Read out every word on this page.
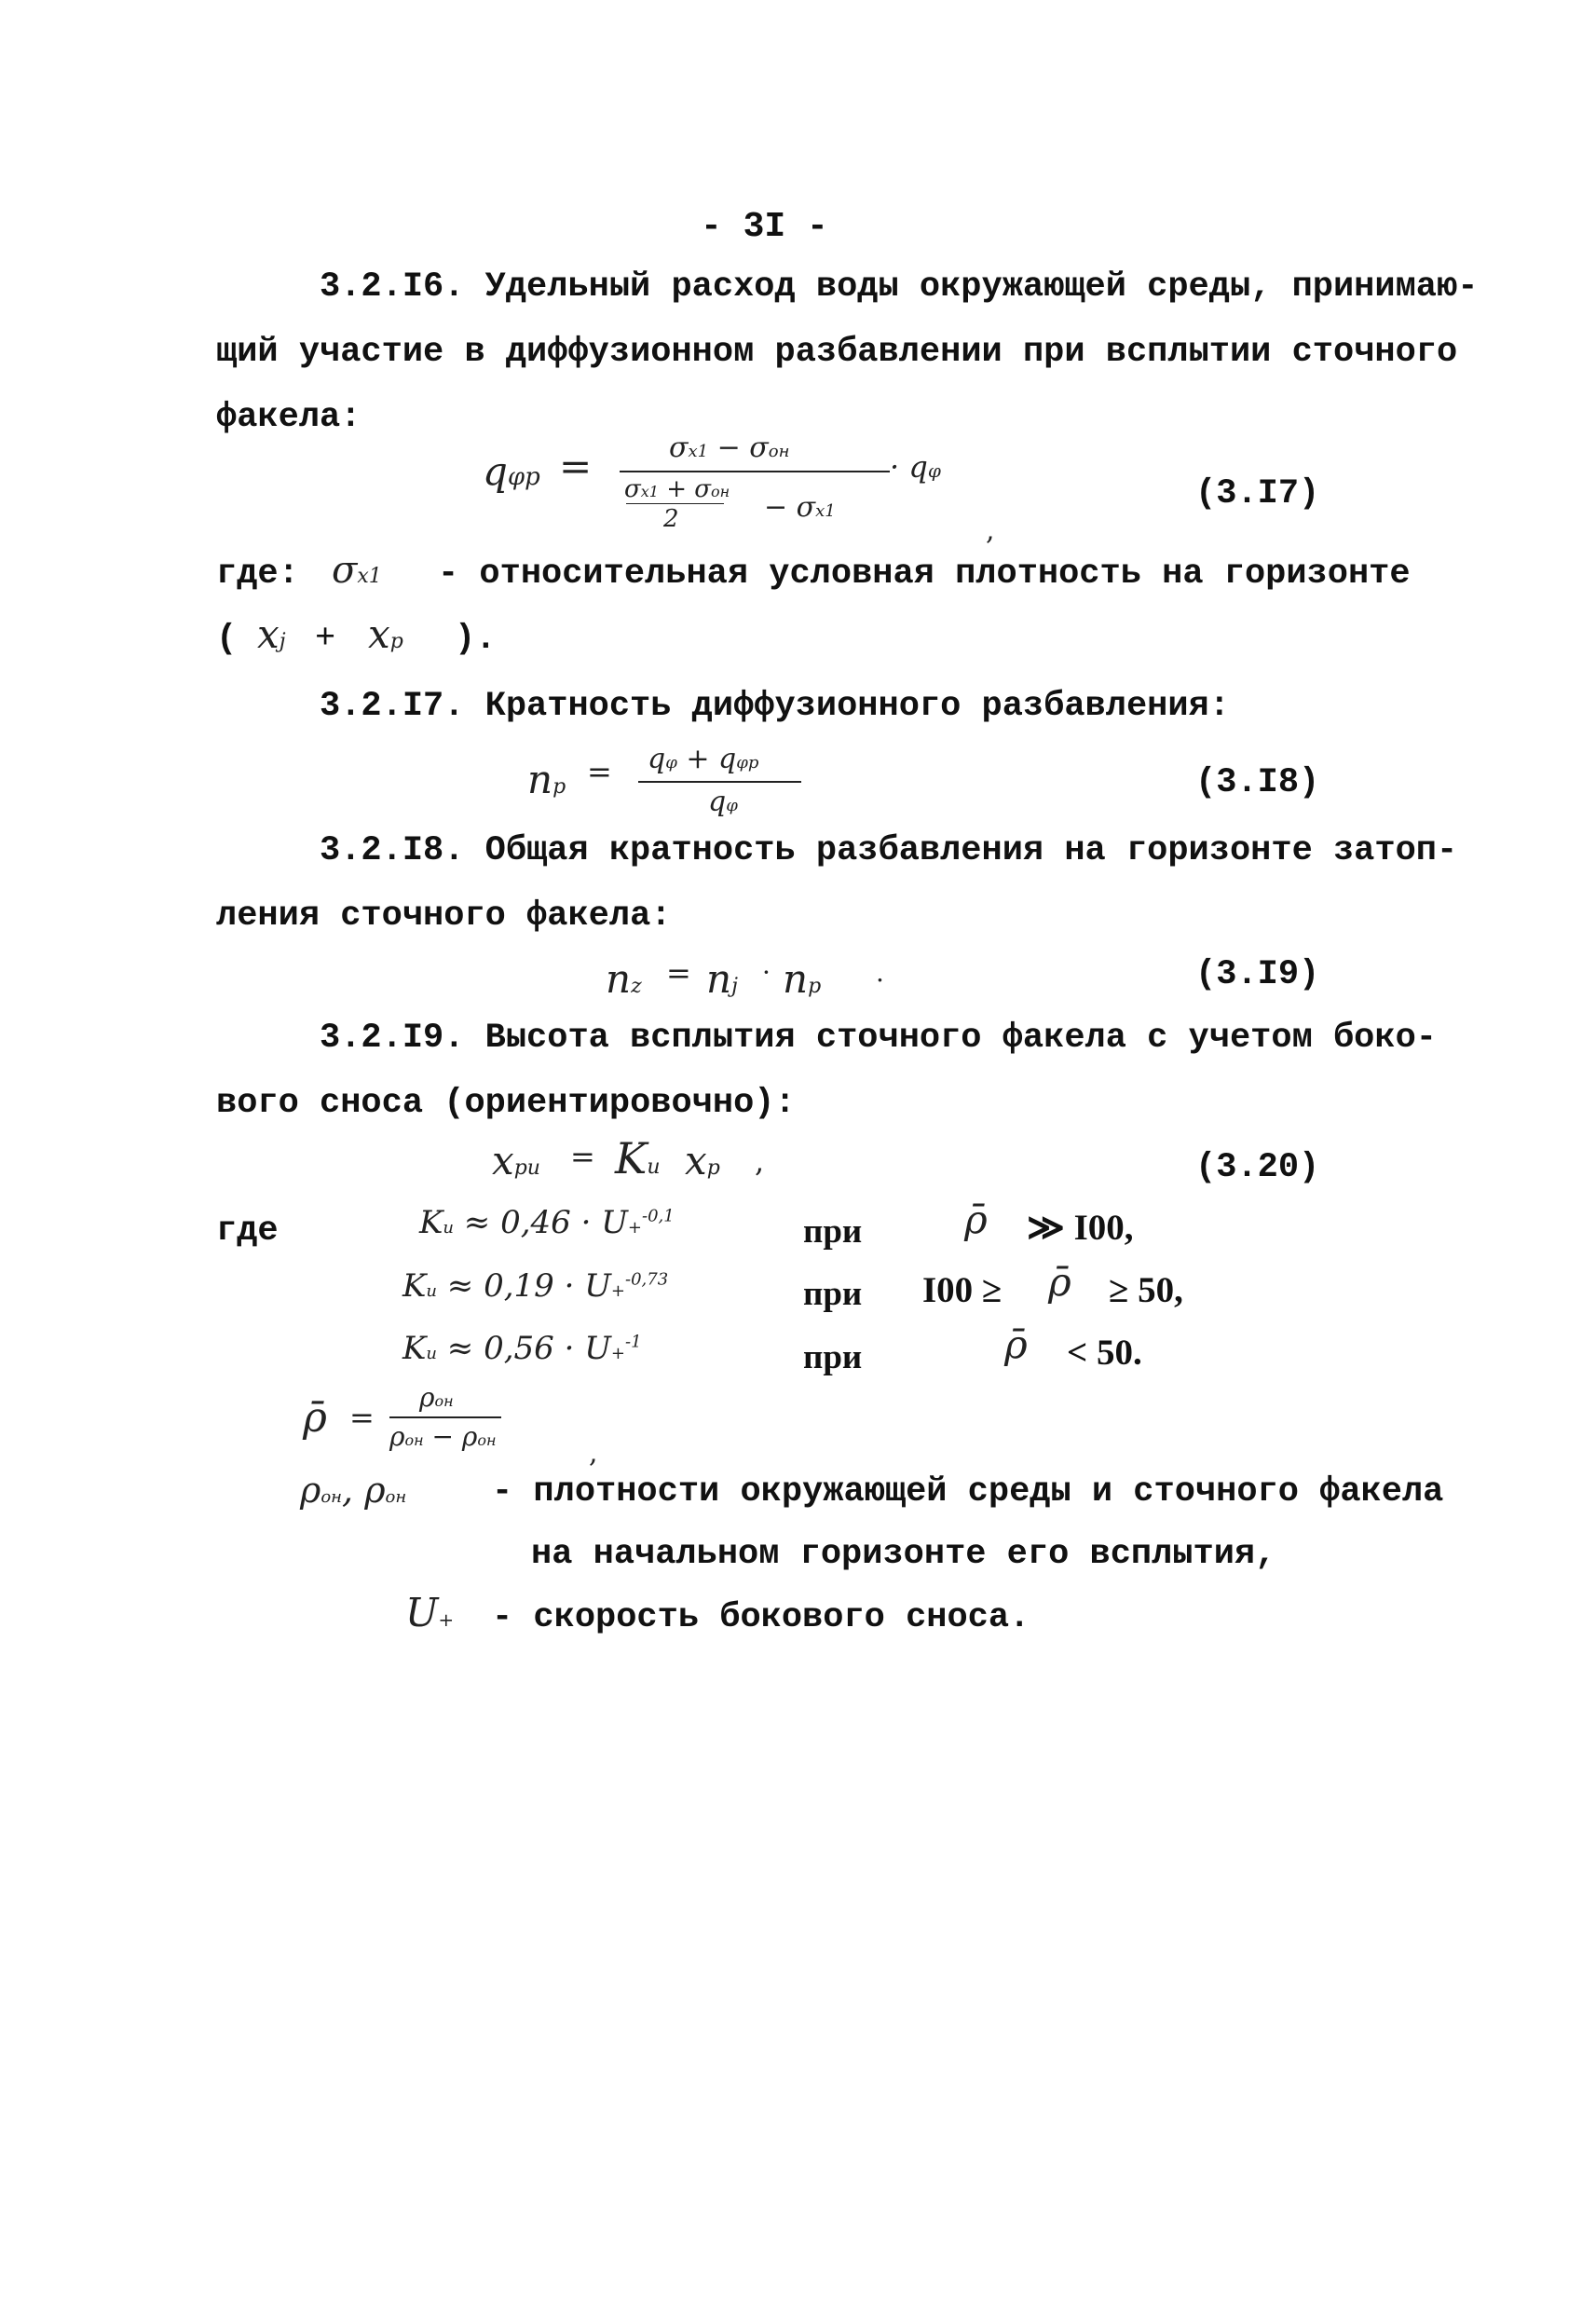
- 3I -
3.2.I6. Удельный расход воды окружающей среды, принимаю-
щий участие в диффузионном разбавлении при всплытии сточного
факела:
qφp =	σx1 − σон
σx1 + σон
2	− σx1
· qφ
,
(3.I7)
где: σx1 - относительная условная плотность на горизонте
( xj + xp ).
3.2.I7. Кратность диффузионного разбавления:
np = qφ + qφp
qφ
(3.I8)
3.2.I8. Общая кратность разбавления на горизонте затоп-
ления сточного факела:
nz = nj · np .	(3.I9)
3.2.I9. Высота всплытия сточного факела с учетом боко-
вого сноса (ориентировочно):
xpu = Ku xp ,	(3.20)
где	Ku ≈ 0,46 · U+$^{-0,1}$	при	ρ̄ ≫ I00,
Ku ≈ 0,19 · U+$^{-0,73}$	при I00 ≥ ρ̄ ≥ 50,
Ku ≈ 0,56 · U+$^{-1}$	при	ρ̄ < 50.
ρ̄ =
ρон
ρон − ρон	,
ρон, ρон - плотности окружающей среды и сточного факела
на начальном горизонте его всплытия,
U+ - скорость бокового сноса.
